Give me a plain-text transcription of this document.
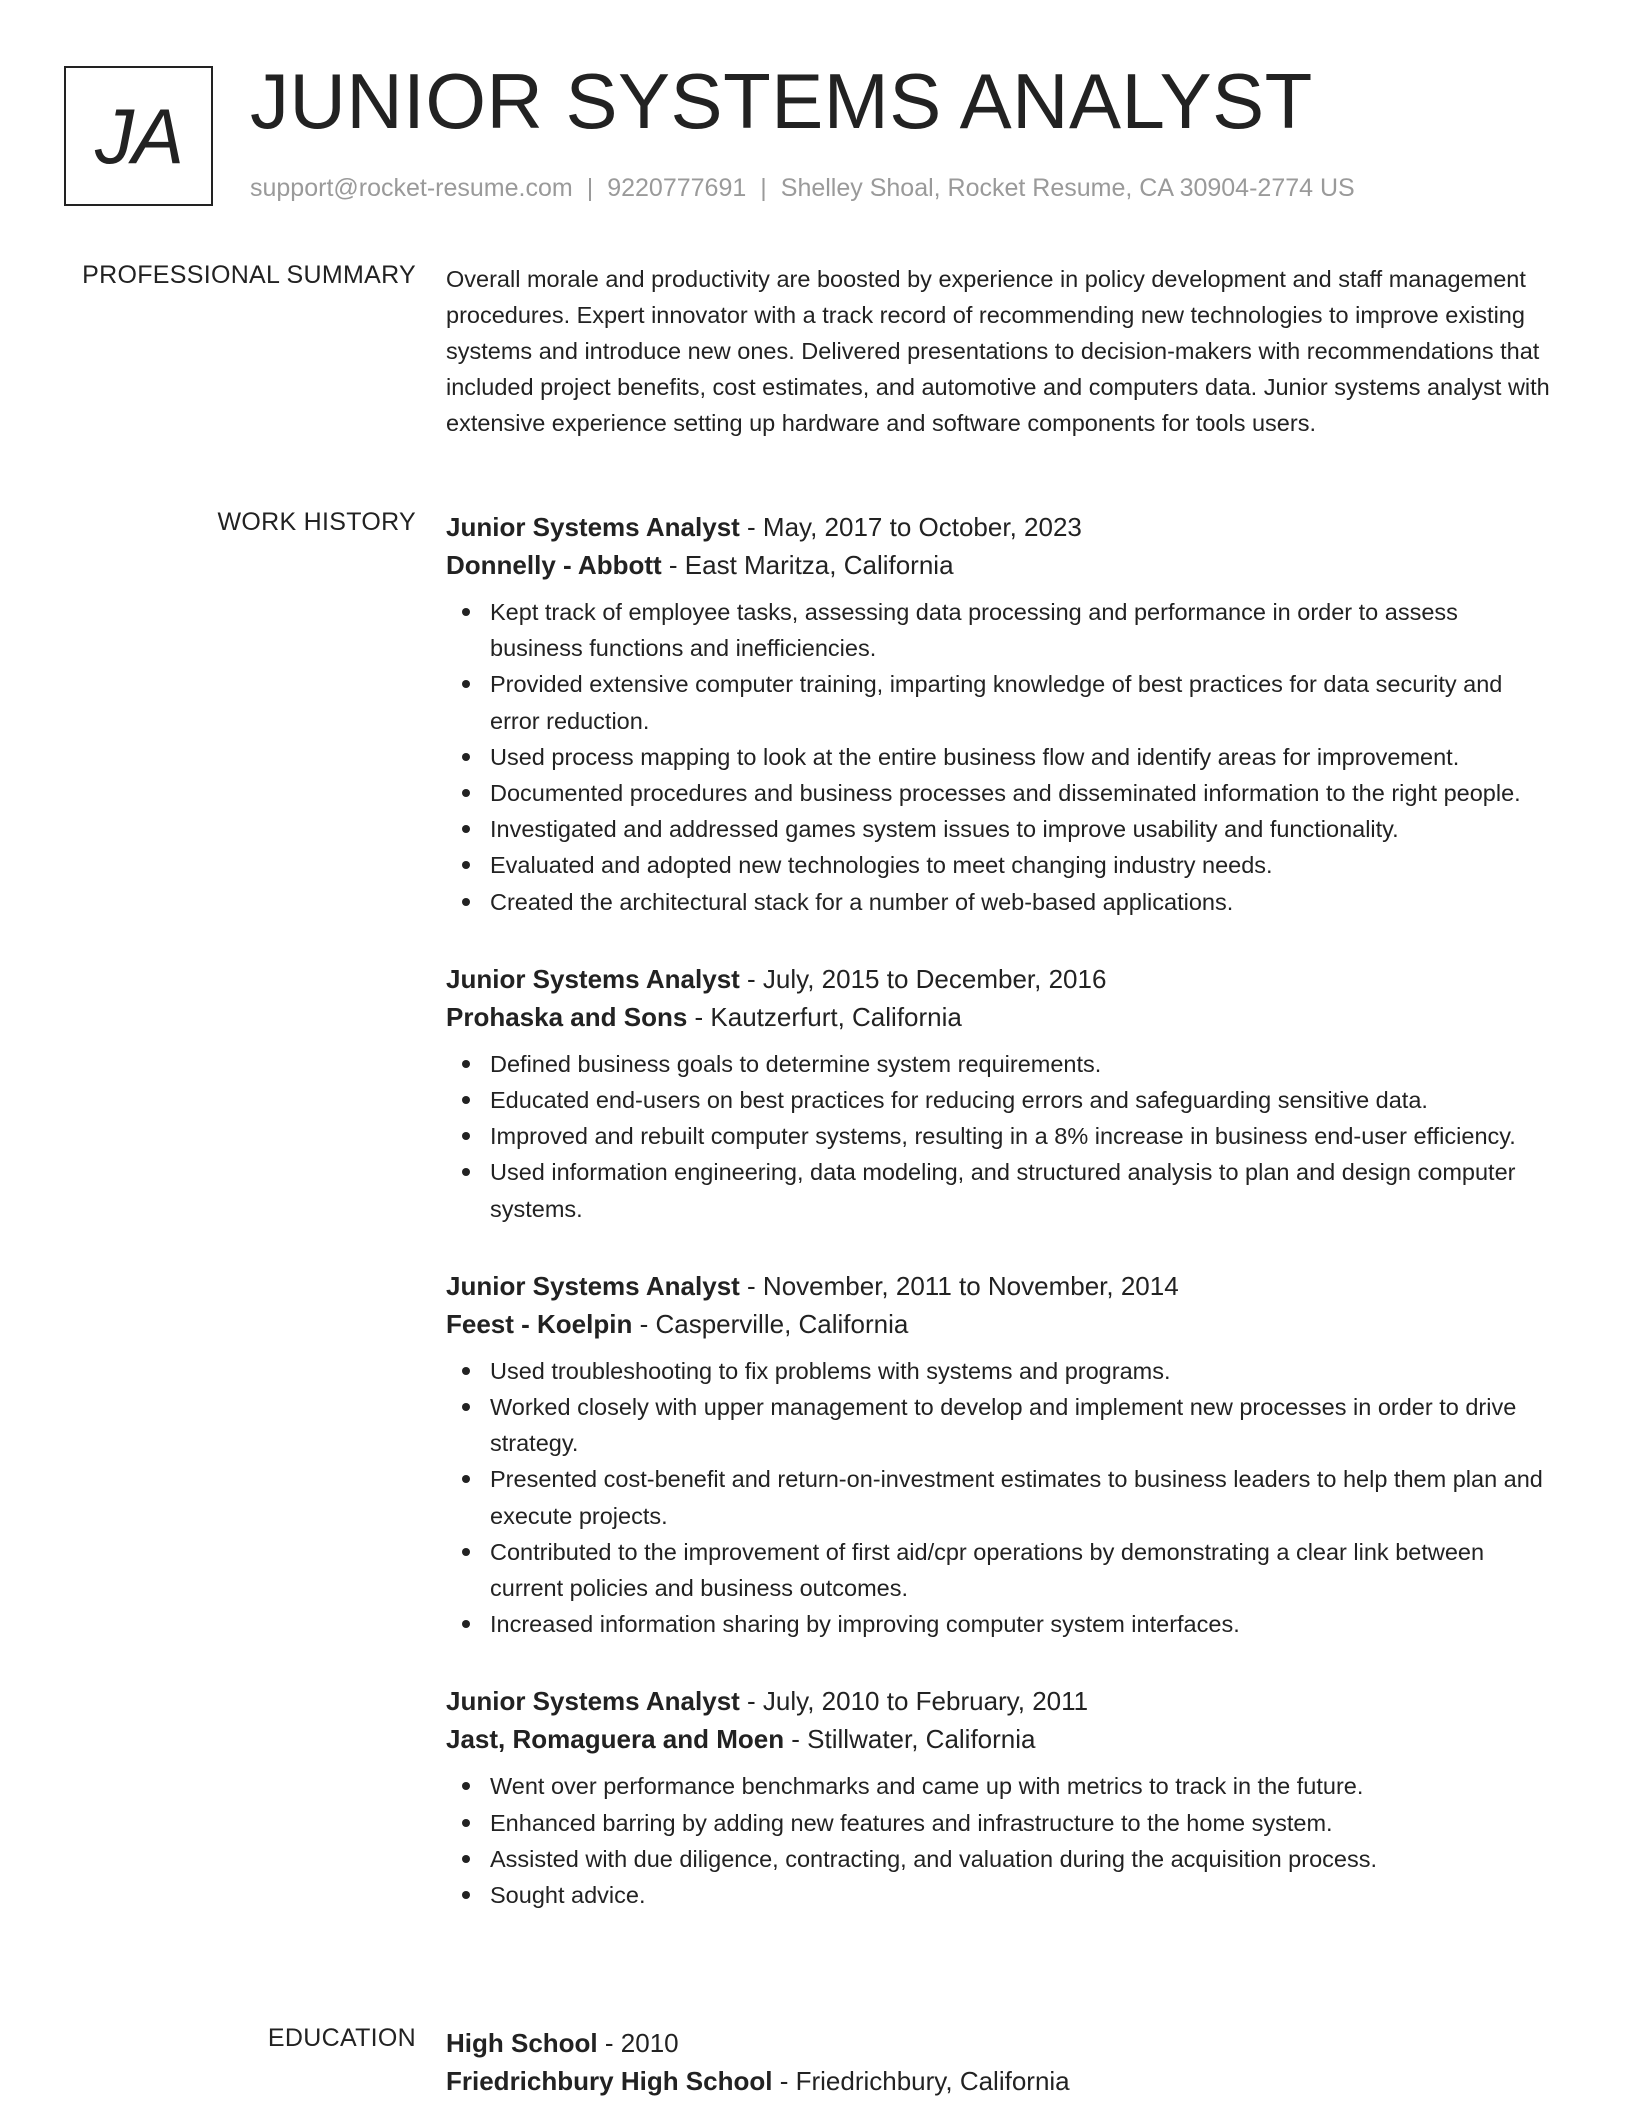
JA JUNIOR SYSTEMS ANALYST
support@rocket-resume.com | 9220777691 | Shelley Shoal, Rocket Resume, CA 30904-2774 US
PROFESSIONAL SUMMARY Overall morale and productivity are boosted by experience in policy development and staff management procedures. Expert innovator with a track record of recommending new technologies to improve existing systems and introduce new ones. Delivered presentations to decision-makers with recommendations that included project benefits, cost estimates, and automotive and computers data. Junior systems analyst with extensive experience setting up hardware and software components for tools users.

WORK HISTORY Junior Systems Analyst - May, 2017 to October, 2023
Donnelly - Abbott - East Maritza, California
Kept track of employee tasks, assessing data processing and performance in order to assess business functions and inefficiencies.
Provided extensive computer training, imparting knowledge of best practices for data security and error reduction.
Used process mapping to look at the entire business flow and identify areas for improvement.
Documented procedures and business processes and disseminated information to the right people.
Investigated and addressed games system issues to improve usability and functionality.
Evaluated and adopted new technologies to meet changing industry needs.
Created the architectural stack for a number of web-based applications.
Junior Systems Analyst - July, 2015 to December, 2016
Prohaska and Sons - Kautzerfurt, California
Defined business goals to determine system requirements.
Educated end-users on best practices for reducing errors and safeguarding sensitive data.
Improved and rebuilt computer systems, resulting in a 8% increase in business end-user efficiency.
Used information engineering, data modeling, and structured analysis to plan and design computer systems.
Junior Systems Analyst - November, 2011 to November, 2014
Feest - Koelpin - Casperville, California
Used troubleshooting to fix problems with systems and programs.
Worked closely with upper management to develop and implement new processes in order to drive strategy.
Presented cost-benefit and return-on-investment estimates to business leaders to help them plan and execute projects.
Contributed to the improvement of first aid/cpr operations by demonstrating a clear link between current policies and business outcomes.
Increased information sharing by improving computer system interfaces.
Junior Systems Analyst - July, 2010 to February, 2011
Jast, Romaguera and Moen - Stillwater, California
Went over performance benchmarks and came up with metrics to track in the future.
Enhanced barring by adding new features and infrastructure to the home system.
Assisted with due diligence, contracting, and valuation during the acquisition process.
Sought advice.
EDUCATION High School - 2010
Friedrichbury High School - Friedrichbury, California
